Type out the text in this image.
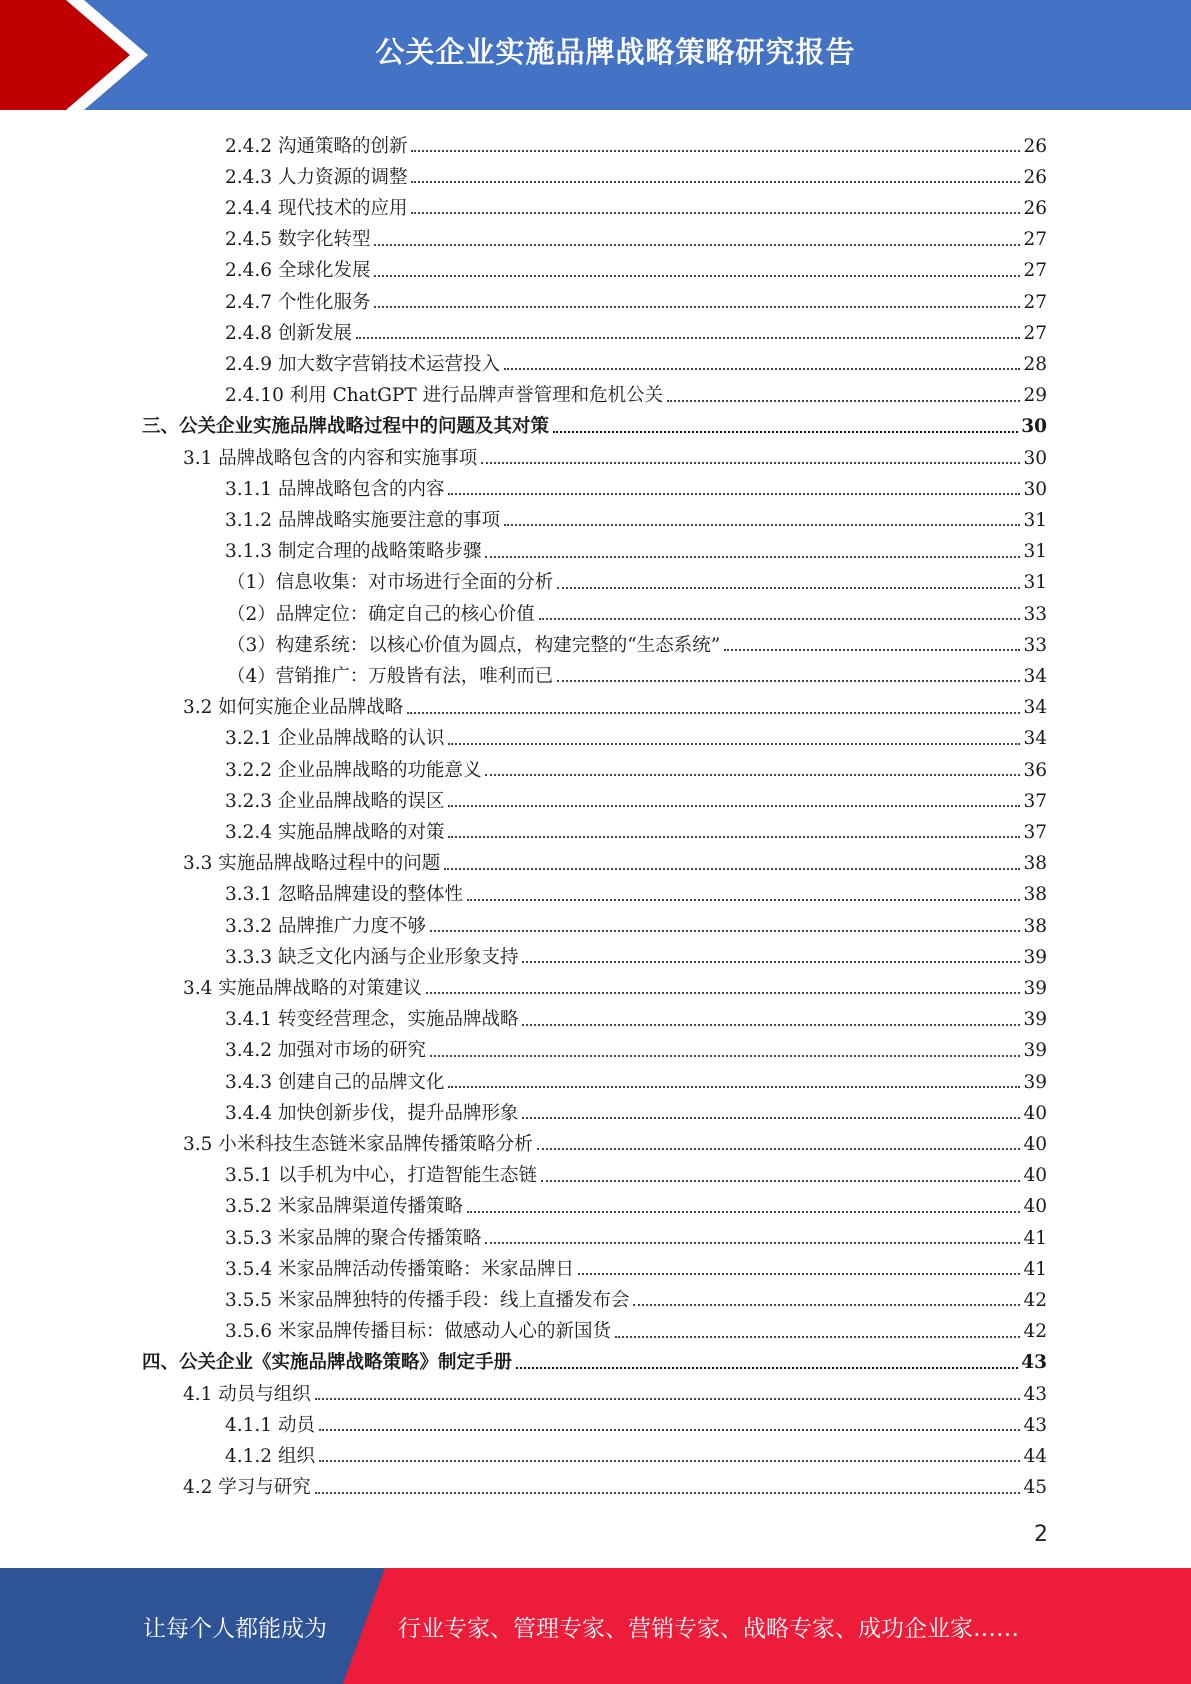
公关企业实施品牌战略策略研究报告
2.4.2 沟通策略的创新	26
2.4.3 人力资源的调整	26
2.4.4 现代技术的应用	26
2.4.5 数字化转型	27
2.4.6 全球化发展	27
2.4.7 个性化服务	27
2.4.8 创新发展	27
2.4.9 加大数字营销技术运营投入	28
2.4.10 利用 ChatGPT 进行品牌声誉管理和危机公关	29
三、公关企业实施品牌战略过程中的问题及其对策	30
3.1 品牌战略包含的内容和实施事项	30
3.1.1 品牌战略包含的内容	30
3.1.2 品牌战略实施要注意的事项	31
3.1.3 制定合理的战略策略步骤	31
（1）信息收集：对市场进行全面的分析	31
（2）品牌定位：确定自己的核心价值	33
（3）构建系统：以核心价值为圆点，构建完整的“生态系统”	33
（4）营销推广：万般皆有法，唯利而已	34
3.2 如何实施企业品牌战略	34
3.2.1 企业品牌战略的认识	34
3.2.2 企业品牌战略的功能意义	36
3.2.3 企业品牌战略的误区	37
3.2.4 实施品牌战略的对策	37
3.3 实施品牌战略过程中的问题	38
3.3.1 忽略品牌建设的整体性	38
3.3.2 品牌推广力度不够	38
3.3.3 缺乏文化内涵与企业形象支持	39
3.4 实施品牌战略的对策建议	39
3.4.1 转变经营理念，实施品牌战略	39
3.4.2 加强对市场的研究	39
3.4.3 创建自己的品牌文化	39
3.4.4 加快创新步伐，提升品牌形象	40
3.5 小米科技生态链米家品牌传播策略分析	40
3.5.1 以手机为中心，打造智能生态链	40
3.5.2 米家品牌渠道传播策略	40
3.5.3 米家品牌的聚合传播策略	41
3.5.4 米家品牌活动传播策略：米家品牌日	41
3.5.5 米家品牌独特的传播手段：线上直播发布会	42
3.5.6 米家品牌传播目标：做感动人心的新国货	42
四、公关企业《实施品牌战略策略》制定手册	43
4.1 动员与组织	43
4.1.1 动员	43
4.1.2 组织	44
4.2 学习与研究	45
2
让每个人都能成为	行业专家、管理专家、营销专家、战略专家、成功企业家……
